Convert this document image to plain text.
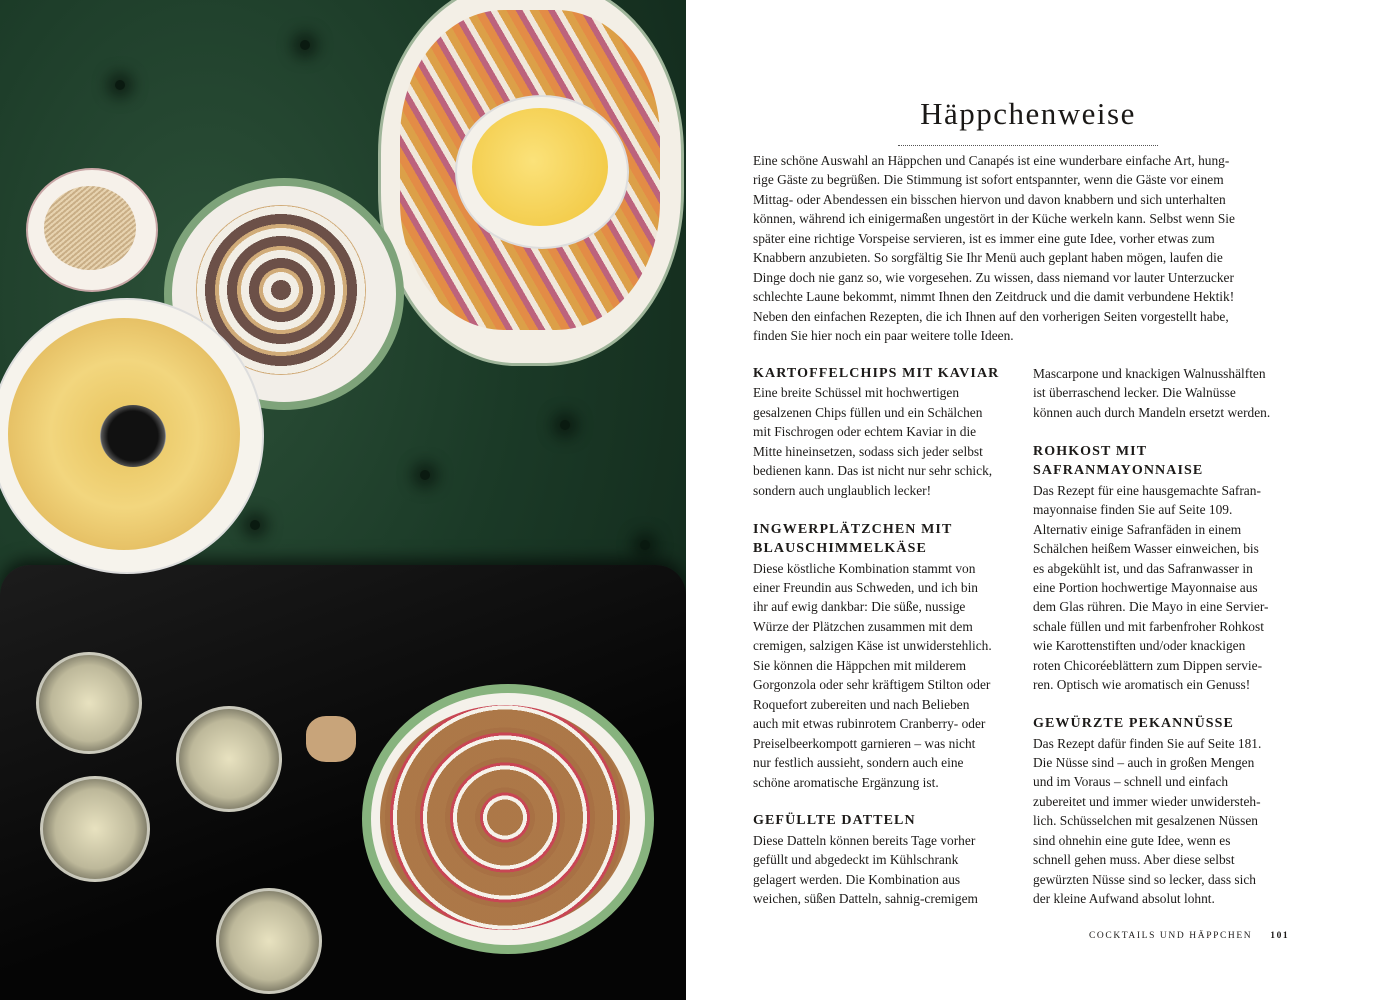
Häppchenweise
Eine schöne Auswahl an Häppchen und Canapés ist eine wunderbare einfache Art, hung-
rige Gäste zu begrüßen. Die Stimmung ist sofort entspannter, wenn die Gäste vor einem
Mittag- oder Abendessen ein bisschen hiervon und davon knabbern und sich unterhalten
können, während ich einigermaßen ungestört in der Küche werkeln kann. Selbst wenn Sie
später eine richtige Vorspeise servieren, ist es immer eine gute Idee, vorher etwas zum
Knabbern anzubieten. So sorgfältig Sie Ihr Menü auch geplant haben mögen, laufen die
Dinge doch nie ganz so, wie vorgesehen. Zu wissen, dass niemand vor lauter Unterzucker
schlechte Laune bekommt, nimmt Ihnen den Zeitdruck und die damit verbundene Hektik!
Neben den einfachen Rezepten, die ich Ihnen auf den vorherigen Seiten vorgestellt habe,
finden Sie hier noch ein paar weitere tolle Ideen.
KARTOFFELCHIPS MIT KAVIAR
Eine breite Schüssel mit hochwertigen
gesalzenen Chips füllen und ein Schälchen
mit Fischrogen oder echtem Kaviar in die
Mitte hineinsetzen, sodass sich jeder selbst
bedienen kann. Das ist nicht nur sehr schick,
sondern auch unglaublich lecker!
INGWERPLÄTZCHEN MIT
BLAUSCHIMMELKÄSE
Diese köstliche Kombination stammt von
einer Freundin aus Schweden, und ich bin
ihr auf ewig dankbar: Die süße, nussige
Würze der Plätzchen zusammen mit dem
cremigen, salzigen Käse ist unwiderstehlich.
Sie können die Häppchen mit milderem
Gorgonzola oder sehr kräftigem Stilton oder
Roquefort zubereiten und nach Belieben
auch mit etwas rubinrotem Cranberry- oder
Preiselbeerkompott garnieren – was nicht
nur festlich aussieht, sondern auch eine
schöne aromatische Ergänzung ist.
GEFÜLLTE DATTELN
Diese Datteln können bereits Tage vorher
gefüllt und abgedeckt im Kühlschrank
gelagert werden. Die Kombination aus
weichen, süßen Datteln, sahnig-cremigem
Mascarpone und knackigen Walnusshälften
ist überraschend lecker. Die Walnüsse
können auch durch Mandeln ersetzt werden.
ROHKOST MIT
SAFRANMAYONNAISE
Das Rezept für eine hausgemachte Safran-
mayonnaise finden Sie auf Seite 109.
Alternativ einige Safranfäden in einem
Schälchen heißem Wasser einweichen, bis
es abgekühlt ist, und das Safranwasser in
eine Portion hochwertige Mayonnaise aus
dem Glas rühren. Die Mayo in eine Servier-
schale füllen und mit farbenfroher Rohkost
wie Karottenstiften und/oder knackigen
roten Chicoréeblättern zum Dippen servie-
ren. Optisch wie aromatisch ein Genuss!
GEWÜRZTE PEKANNÜSSE
Das Rezept dafür finden Sie auf Seite 181.
Die Nüsse sind – auch in großen Mengen
und im Voraus – schnell und einfach
zubereitet und immer wieder unwidersteh-
lich. Schüsselchen mit gesalzenen Nüssen
sind ohnehin eine gute Idee, wenn es
schnell gehen muss. Aber diese selbst
gewürzten Nüsse sind so lecker, dass sich
der kleine Aufwand absolut lohnt.
COCKTAILS UND HÄPPCHEN 101
